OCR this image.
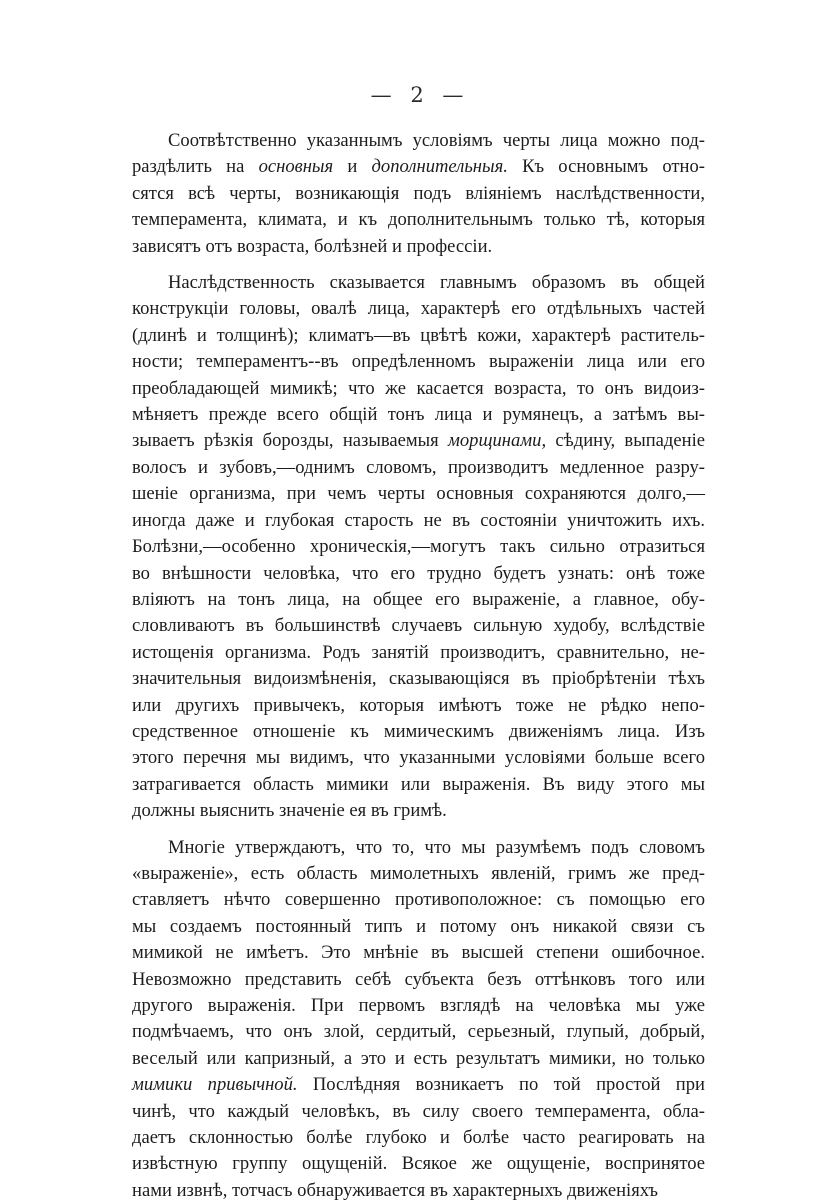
— 2 —
Соотвѣтственно указаннымъ условіямъ черты лица можно под-
раздѣлить на основныя и дополнительныя. Къ основнымъ отно-
сятся всѣ черты, возникающія подъ вліяніемъ наслѣдственности,
темперамента, климата, и къ дополнительнымъ только тѣ, которыя
зависятъ отъ возраста, болѣзней и профессіи.
Наслѣдственность сказывается главнымъ образомъ въ общей
конструкціи головы, овалѣ лица, характерѣ его отдѣльныхъ частей
(длинѣ и толщинѣ); климатъ—въ цвѣтѣ кожи, характерѣ раститель-
ности; темпераментъ--въ опредѣленномъ выраженіи лица или его
преобладающей мимикѣ; что же касается возраста, то онъ видоиз-
мѣняетъ прежде всего общій тонъ лица и румянецъ, а затѣмъ вы-
зываетъ рѣзкія борозды, называемыя морщинами, сѣдину, выпаденіе
волосъ и зубовъ,—однимъ словомъ, производитъ медленное разру-
шеніе организма, при чемъ черты основныя сохраняются долго,—
иногда даже и глубокая старость не въ состояніи уничтожить ихъ.
Болѣзни,—особенно хроническія,—могутъ такъ сильно отразиться
во внѣшности человѣка, что его трудно будетъ узнать: онѣ тоже
вліяютъ на тонъ лица, на общее его выраженіе, а главное, обу-
словливаютъ въ большинствѣ случаевъ сильную худобу, вслѣдствіе
истощенія организма. Родъ занятій производитъ, сравнительно, не-
значительныя видоизмѣненія, сказывающіяся въ пріобрѣтеніи тѣхъ
или другихъ привычекъ, которыя имѣютъ тоже не рѣдко непо-
средственное отношеніе къ мимическимъ движеніямъ лица. Изъ
этого перечня мы видимъ, что указанными условіями больше всего
затрагивается область мимики или выраженія. Въ виду этого мы
должны выяснить значеніе ея въ гримѣ.
Многіе утверждаютъ, что то, что мы разумѣемъ подъ словомъ
«выраженіе», есть область мимолетныхъ явленій, гримъ же пред-
ставляетъ нѣчто совершенно противоположное: съ помощью его
мы создаемъ постоянный типъ и потому онъ никакой связи съ
мимикой не имѣетъ. Это мнѣніе въ высшей степени ошибочное.
Невозможно представить себѣ субъекта безъ оттѣнковъ того или
другого выраженія. При первомъ взглядѣ на человѣка мы уже
подмѣчаемъ, что онъ злой, сердитый, серьезный, глупый, добрый,
веселый или капризный, а это и есть результатъ мимики, но только
мимики привычной. Послѣдняя возникаетъ по той простой при
чинѣ, что каждый человѣкъ, въ силу своего темперамента, обла-
даетъ склонностью болѣе глубоко и болѣе часто реагировать на
извѣстную группу ощущеній. Всякое же ощущеніе, воспринятое
нами извнѣ, тотчасъ обнаруживается въ характерныхъ движеніяхъ
